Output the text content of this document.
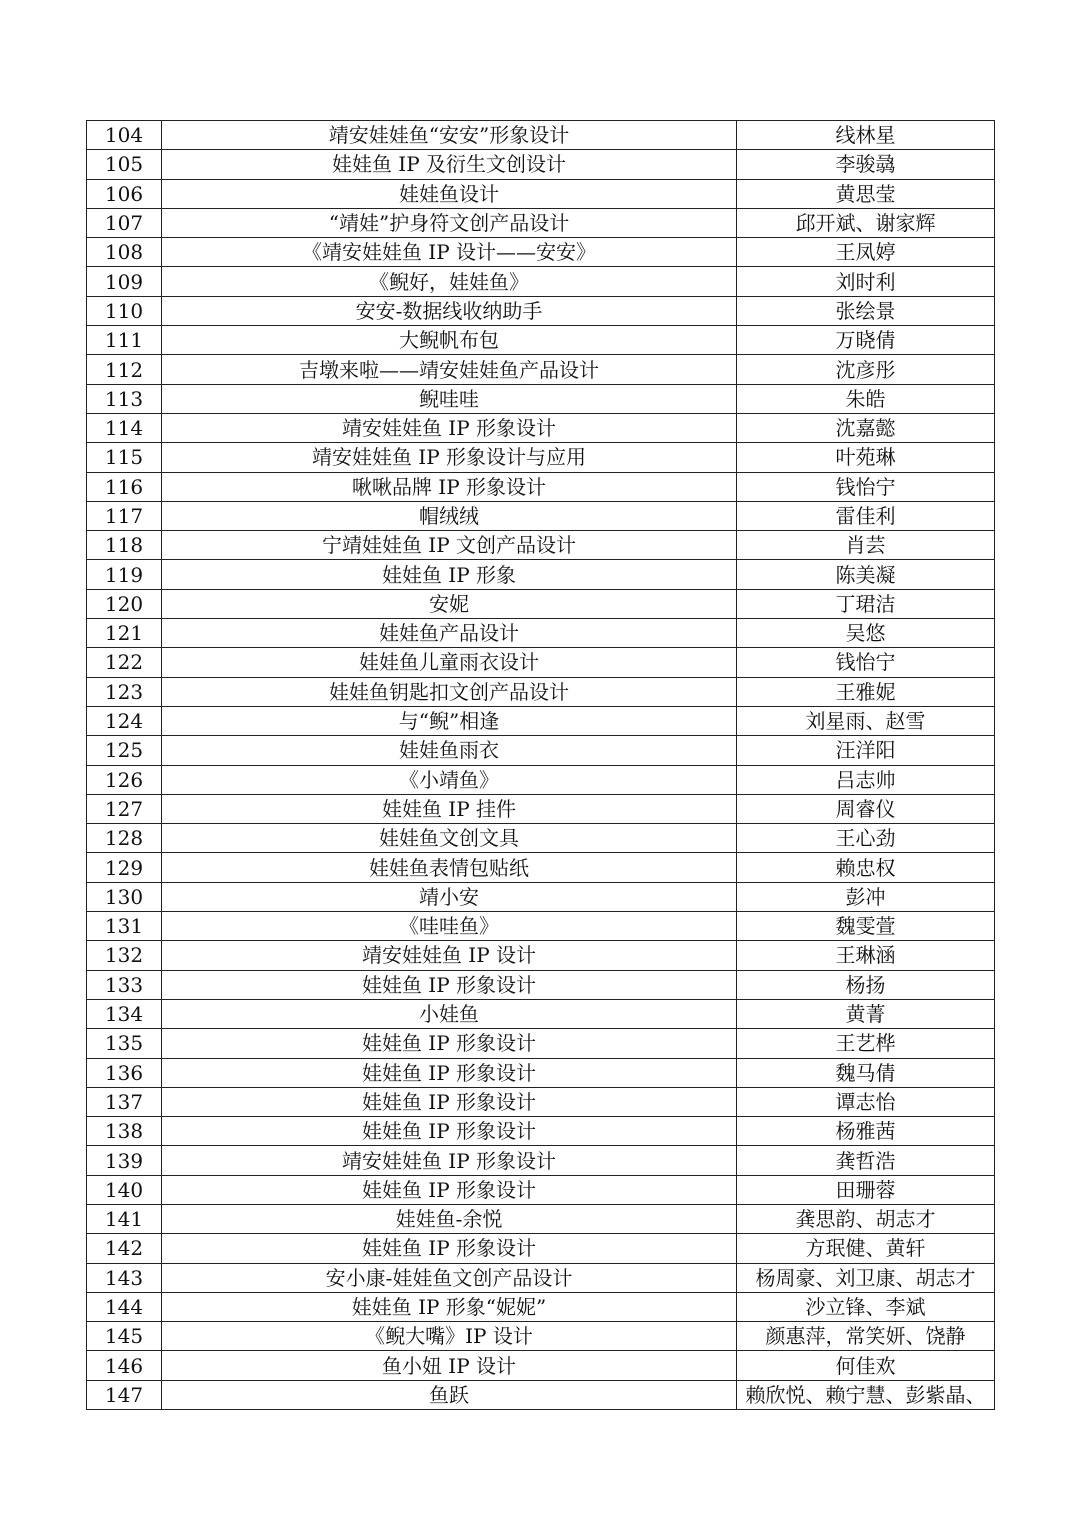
104	靖安娃娃鱼“安安”形象设计	线林星
105	娃娃鱼 IP 及衍生文创设计	李骏骉
106	娃娃鱼设计	黄思莹
107	“靖娃”护身符文创产品设计	邱开斌、谢家辉
108	《靖安娃娃鱼 IP 设计——安安》	王凤婷
109	《鲵好，娃娃鱼》	刘时利
110	安安-数据线收纳助手	张绘景
111	大鲵帆布包	万晓倩
112	吉墩来啦——靖安娃娃鱼产品设计	沈彦彤
113	鲵哇哇	朱皓
114	靖安娃娃鱼 IP 形象设计	沈嘉懿
115	靖安娃娃鱼 IP 形象设计与应用	叶苑琳
116	啾啾品牌 IP 形象设计	钱怡宁
117	帽绒绒	雷佳利
118	宁靖娃娃鱼 IP 文创产品设计	肖芸
119	娃娃鱼 IP 形象	陈美凝
120	安妮	丁珺洁
121	娃娃鱼产品设计	吴悠
122	娃娃鱼儿童雨衣设计	钱怡宁
123	娃娃鱼钥匙扣文创产品设计	王雅妮
124	与“鲵”相逢	刘星雨、赵雪
125	娃娃鱼雨衣	汪洋阳
126	《小靖鱼》	吕志帅
127	娃娃鱼 IP 挂件	周睿仪
128	娃娃鱼文创文具	王心劲
129	娃娃鱼表情包贴纸	赖忠权
130	靖小安	彭冲
131	《哇哇鱼》	魏雯萱
132	靖安娃娃鱼 IP 设计	王琳涵
133	娃娃鱼 IP 形象设计	杨扬
134	小娃鱼	黄菁
135	娃娃鱼 IP 形象设计	王艺桦
136	娃娃鱼 IP 形象设计	魏马倩
137	娃娃鱼 IP 形象设计	谭志怡
138	娃娃鱼 IP 形象设计	杨雅茜
139	靖安娃娃鱼 IP 形象设计	龚哲浩
140	娃娃鱼 IP 形象设计	田珊蓉
141	娃娃鱼-余悦	龚思韵、胡志才
142	娃娃鱼 IP 形象设计	方珉健、黄轩
143	安小康-娃娃鱼文创产品设计	杨周豪、刘卫康、胡志才
144	娃娃鱼 IP 形象“妮妮”	沙立锋、李斌
145	《鲵大嘴》IP 设计	颜惠萍，常笑妍、饶静
146	鱼小妞 IP 设计	何佳欢
147	鱼跃	赖欣悦、赖宁慧、彭紫晶、
